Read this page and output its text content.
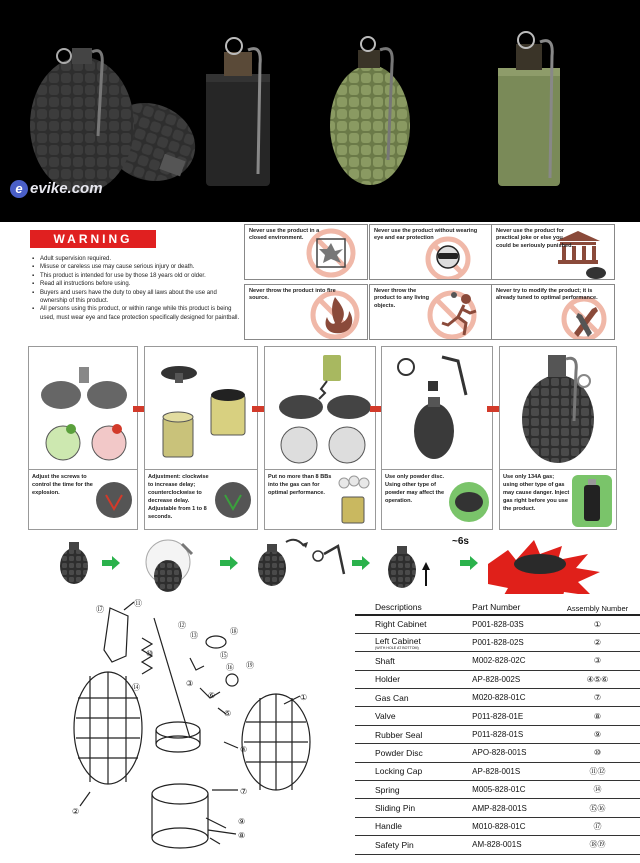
e evike.com
WARNING
▪ Adult supervision required.
▪ Misuse or careless use may cause serious injury or death.
▪ This product is intended for use by those 18 years old or older.
▪ Read all instructions before using.
▪ Buyers and users have the duty to obey all laws about the use and ownership of this product.
▪ All persons using this product, or within range while this product is being used, must wear eye and face protection specifically designed for paintball.
Never use the product in a closed environment.
Never use the product without wearing eye and ear protection
Never use the product for practical joke or else you could be seriously punished.
Never throw the product into fire source.
Never throw the product to any living objects.
Never try to modify the product; it is already tuned to optimal performance.
Adjust the screws to control the time for the explosion.
Adjustment: clockwise to increase delay; counterclockwise to decrease delay. Adjustable from 1 to 8 seconds.
Put no more than 8 BBs into the gas can for optimal performance.
Use only powder disc. Using other type of powder may affect the operation.
Use only 134A gas; using other type of gas may cause danger. Inject gas right before you use the product.
~6s
⑪
①
②
③
④
⑤
⑥
⑦
⑧
⑨
⑩
⑫
⑬
⑭
⑮
⑯
⑰
⑱
⑲
Descriptions	Part Number	Assembly Number
Right Cabinet	P001-828-03S	①
Left Cabinet
(WITH HOLE AT BOTTOM)	P001-828-02S	②
Shaft	M002-828-02C	③
Holder	AP-828-002S	④⑤⑥
Gas Can	M020-828-01C	⑦
Valve	P011-828-01E	⑧
Rubber Seal	P011-828-01S	⑨
Powder Disc	APO-828-001S	⑩
Locking Cap	AP-828-001S	⑪⑫
Spring	M005-828-01C	⑭
Sliding Pin	AMP-828-001S	⑮⑯
Handle	M010-828-01C	⑰
Safety Pin	AM-828-001S	⑱⑲
